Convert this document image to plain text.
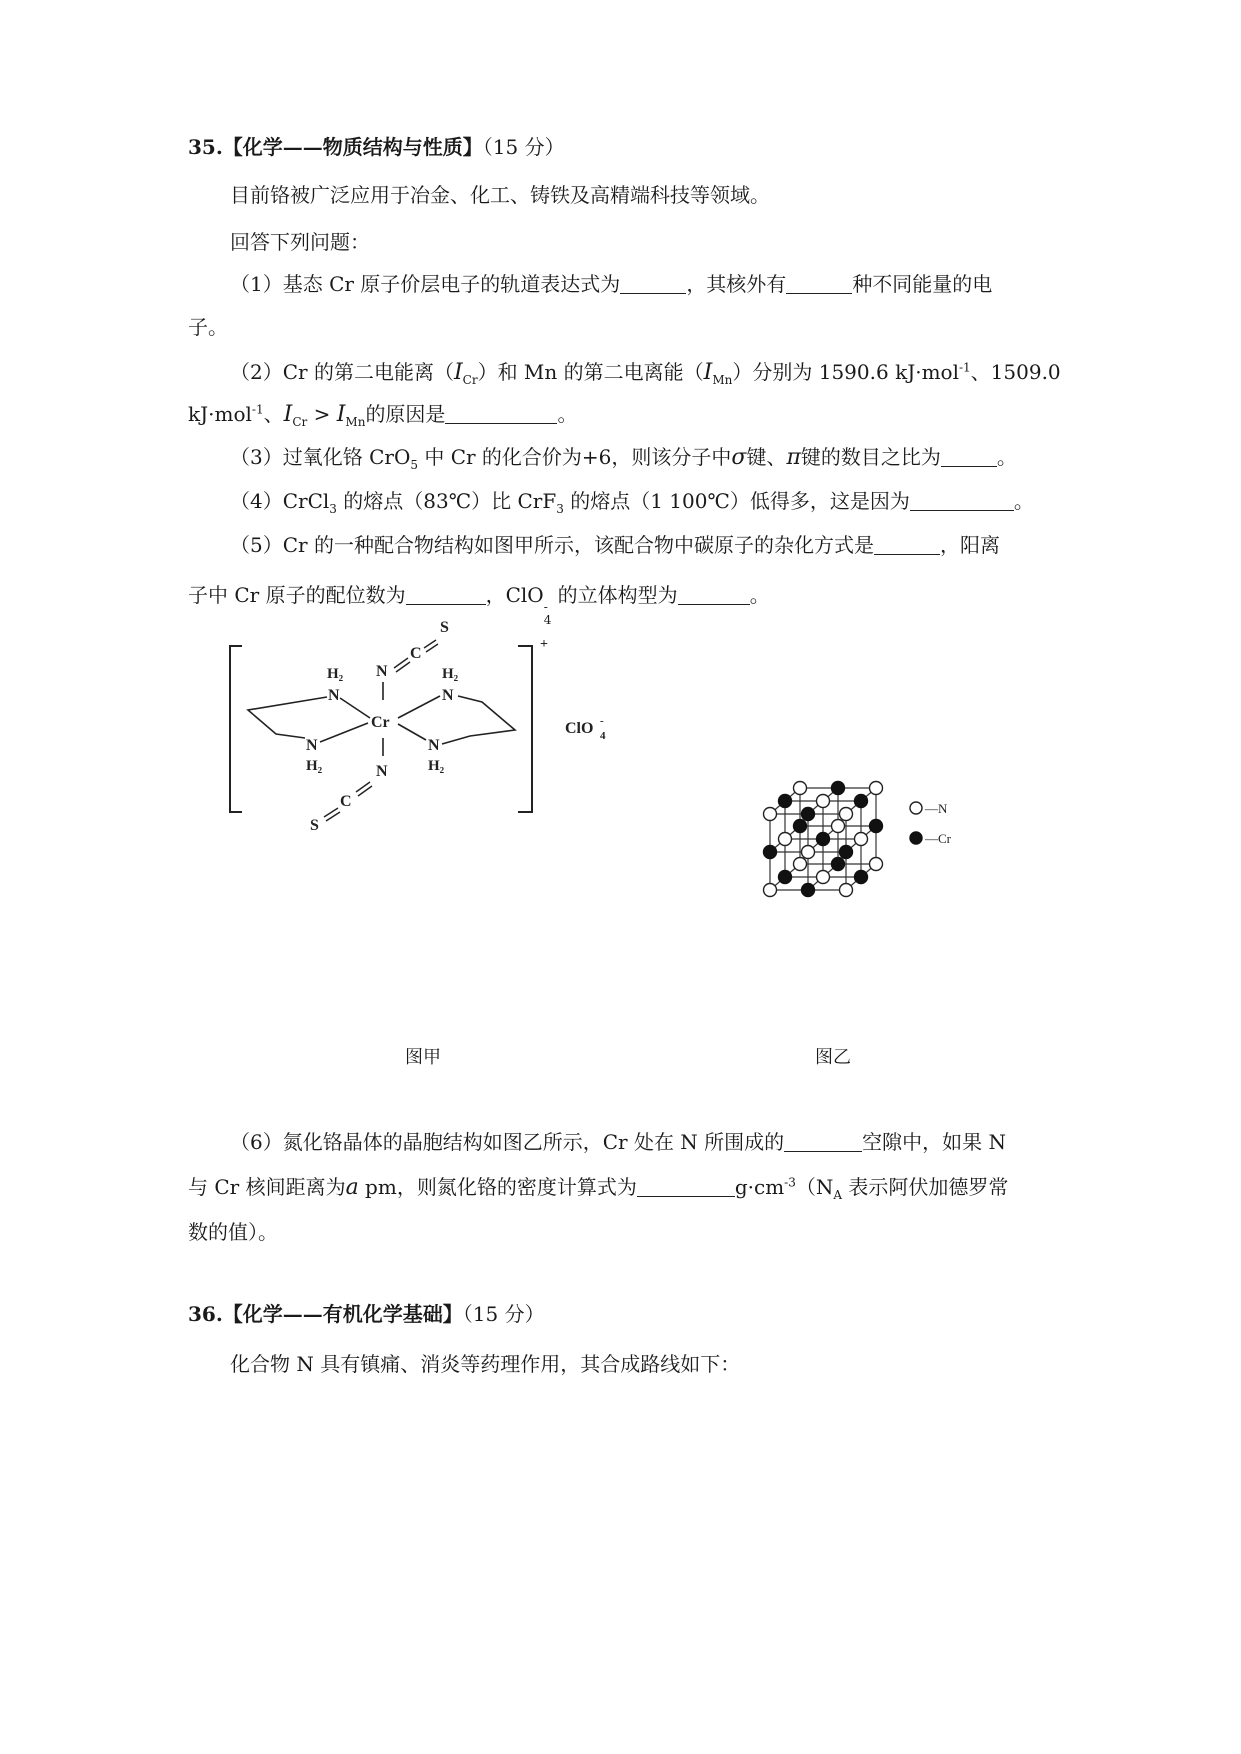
35.【化学——物质结构与性质】（15 分）
目前铬被广泛应用于冶金、化工、铸铁及高精端科技等领域。
回答下列问题：
（1）基态 Cr 原子价层电子的轨道表达式为	，其核外有	种不同能量的电
子。
（2）Cr 的第二电能离$(I_{Cr})$和 Mn 的第二电离能$(I_{Mn})$分别为 1590.6 kJ·mol$^{-1}$、1509.0
kJ·mol$^{-1}$、$I_{Cr} > I_{Mn}$的原因是	。
（3）过氧化铬 CrO$_5$ 中 Cr 的化合价为+6，则该分子中σ键、π键的数目之比为	。
（4）CrCl$_3$ 的熔点（83℃）比 CrF$_3$ 的熔点（1 100℃）低得多，这是因为	。
（5）Cr 的一种配合物结构如图甲所示，该配合物中碳原子的杂化方式是	，阳离
子中 Cr 原子的配位数为	，ClO -
4
的立体构型为	。
+
Cr
N
C
S
N
C
S
H₂
N
N
H₂
H₂
N
N
H₂
ClO -
4
—N
—Cr
图甲	图乙
（6）氮化铬晶体的晶胞结构如图乙所示，Cr 处在 N 所围成的	空隙中，如果 N
与 Cr 核间距离为a pm，则氮化铬的密度计算式为	$g\cdot cm^{-3}(N_A$ 表示阿伏加德罗常
数的值）。
36.【化学——有机化学基础】（15 分）
化合物 N 具有镇痛、消炎等药理作用，其合成路线如下：
